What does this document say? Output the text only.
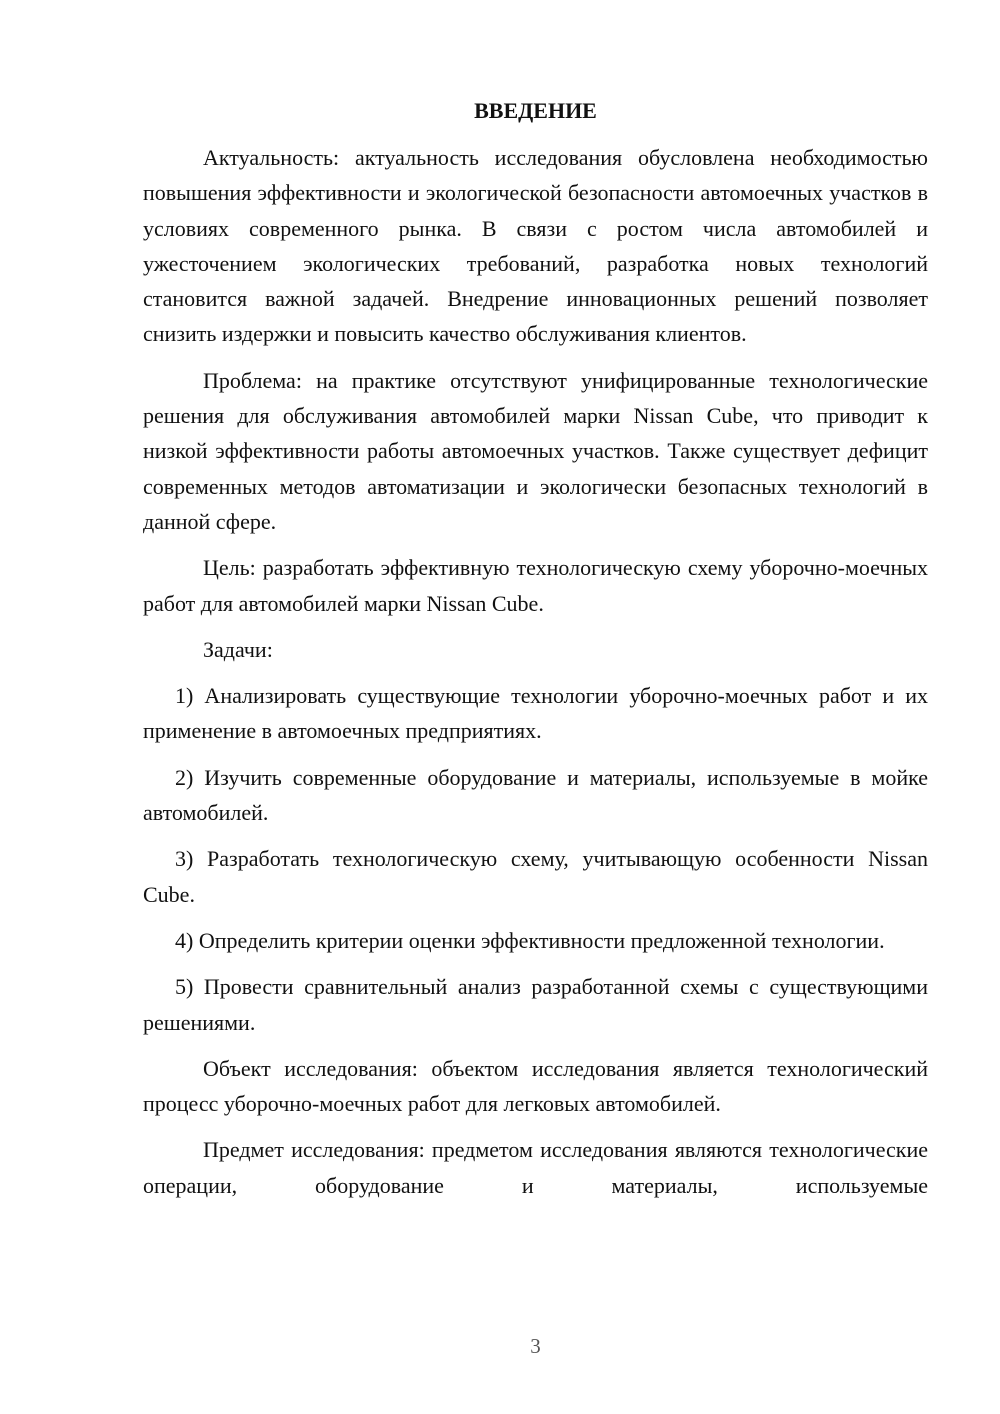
ВВЕДЕНИЕ

Актуальность: актуальность исследования обусловлена необходимостью повышения эффективности и экологической безопасности автомоечных участков в условиях современного рынка. В связи с ростом числа автомобилей и ужесточением экологических требований, разработка новых технологий становится важной задачей. Внедрение инновационных решений позволяет снизить издержки и повысить качество обслуживания клиентов.

Проблема: на практике отсутствуют унифицированные технологические решения для обслуживания автомобилей марки Nissan Cube, что приводит к низкой эффективности работы автомоечных участков. Также существует дефицит современных методов автоматизации и экологически безопасных технологий в данной сфере.

Цель: разработать эффективную технологическую схему уборочно-моечных работ для автомобилей марки Nissan Cube.

Задачи:

1) Анализировать существующие технологии уборочно-моечных работ и их применение в автомоечных предприятиях.

2) Изучить современные оборудование и материалы, используемые в мойке автомобилей.

3) Разработать технологическую схему, учитывающую особенности Nissan Cube.

4) Определить критерии оценки эффективности предложенной технологии.

5) Провести сравнительный анализ разработанной схемы с существующими решениями.

Объект исследования: объектом исследования является технологический процесс уборочно-моечных работ для легковых автомобилей.

Предмет исследования: предметом исследования являются технологические операции, оборудование и материалы, используемые

3
